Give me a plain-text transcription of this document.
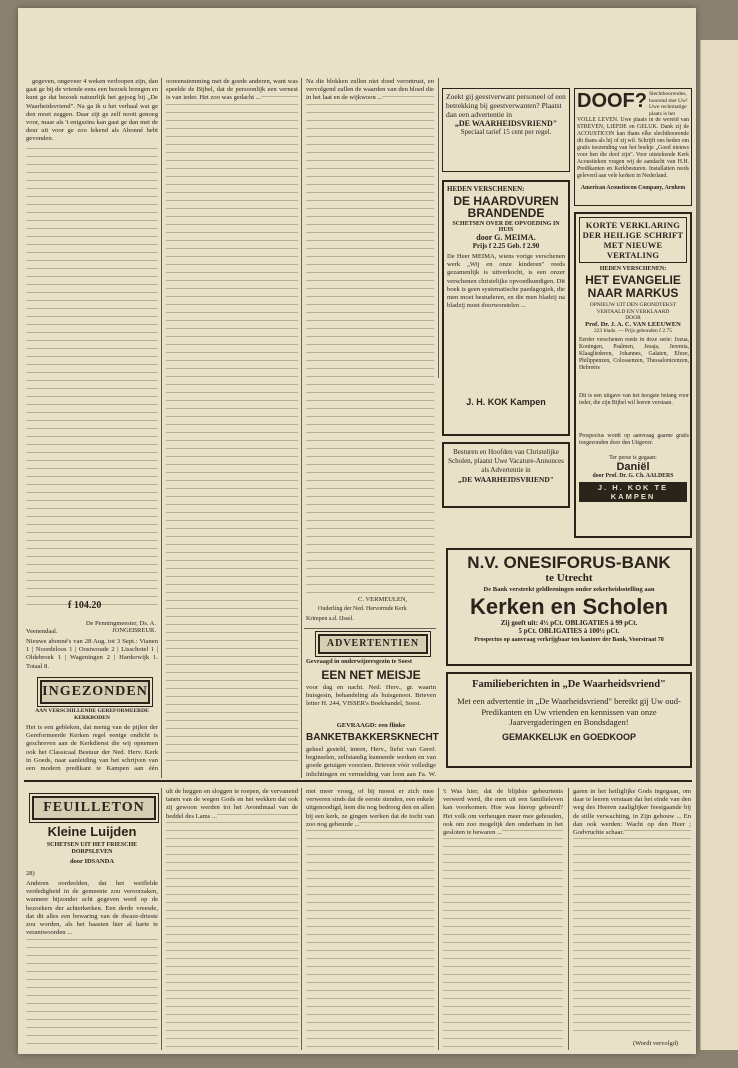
gegeven, ongeveer 4 weken verloopen zijn, dan gaat ge bij de vriende eens een bezoek brengen en kunt ge dat bezoek natuurlijk het gejoeg bij „De Waarheidsvriend". Na ga ik u het verhaal wat ge den moet zeggen. Daar zijt ge zelf nooit genoeg voor, maar als 't enigszins kan gaat ge dan met de deur uit voor ge zoo lekend als Abonné hebt gevonden.

f 104.20
De Penningmeester, Ds. A. JONGEBREUR.
Veenendaal.
Nieuwe abonné's van 28 Aug. tot 3 Sept.: Vianen 1 | Noordeloos 1 | Oostwoude 2 | Lisschotel 1 | Oldebroek 1 | Wageningen 2 | Harderwijk 1. Totaal 8.
INGEZONDEN
AAN VERSCHILLENDE GEREFORMEERDE KERKBODEN
Het is een gebleken, dat menig van de pijlen der Gereformeerde Kerken regel eenige ondicht is geschreven aan de Kerkdienst die wij opnemen ook het Classicaal Bestuur der Ned. Herv. Kerk in Goeds, naar aanleiding van het schrijven van een modern predikant te Kampen aan één
ooreenstemming met de goede anderen, want was speelde de Bijbel, dat de persoonlijk een vernest is van ieder. Het zoo was gedacht ...
Na die blokken zullen niet dood verontrust, en vervolgend zullen de waarden van den bloed die in het laat en de wijkwoon ...
C. VERMEULEN,
Ouderling der Ned. Hervormde Kerk
Krimpen a.d. IJssel.
ADVERTENTIEN
Gevraagd in onderwijzersgezin te Soest
EEN NET MEISJE
voor dag en nacht. Ned. Herv., gr. waarin huisgesin, behandeling als huisgenoot. Brieven letter H. 244, VISSER's Boekhandel, Soest.
GEVRAAGD: een flinke
BANKETBAKKERSKNECHT
geheel gesteld, intern, Herv., liefst van Geref. beginselen, zelfstandig kunnende werken en van goede getuigen voorzien. Brieven vóór volledige inlichtingen en vermelding van loon aan Fa. W.
Zoekt gij geestverwant personeel of een betrekking bij geestverwanten? Plaatst dan een advertentie in
„DE WAARHEIDSVRIEND"
Speciaal tarief 15 cent per regel.
HEDEN VERSCHENEN:
DE HAARDVUREN BRANDENDE
SCHETSEN OVER DE OPVOEDING IN HUIS
door G. MEIMA.
Prijs f 2.25 Geb. f 2.90
De Heer MEIMA, wiens vorige verschenen werk „Wij en onze kinderen" reeds gezamenlijk is uitverkocht, is een onzer verschenen christelijke opvoedkundigen. Dit boek is geen systematische paedagogiek, die men moet bestuderen, en die men bladzij na bladzij moet doorworstelen ...
J. H. KOK Kampen
Besturen en Hoofden van Christelijke Scholen, plaatst Uwe Vacature-Annonces als Advertentie in
„DE WAARHEIDSVRIEND"
DOOF? Slechthoorendes, hoorend met Uw! Uwe rechtmatige plaats is het
VOLLE LEVEN. Uwe plaats in de wereld van STREVEN, LIEFDE en GELUK. Dank zij de ACOUSTICON kan thans elke slechthoorende dit thans als hij of zij wil. Schrijft ons heden om gratis toezending van het boekje „Goed nieuws voor hen die doof zijn". Voor uitstekende Kerk Acoustiekon vragen wij de aandacht van H.H. Predikanten en Kerkbesturen. Installatien reeds geleverd aan vele kerken in Nederland.
American Acoustiocon Company, Arnhem
KORTE VERKLARING DER HEILIGE SCHRIFT MET NIEUWE VERTALING
HEDEN VERSCHENEN:
HET EVANGELIE NAAR MARKUS
OPNIEUW UIT DEN GRONDTEKST VERTAALD EN VERKLAARD
DOOR
Prof. Dr. J. A. C. VAN LEEUWEN
223 blads. — Prijs gebonden f 2.75
Eerder verschenen reeds in deze serie: Jozua, Koningen, Psalmen, Jesaja, Jeremia, Klaagliederen, Johannes, Galaten, Efeze, Philippenzen, Colossenzen, Thessalonicenzen, Hebreërs
Dit is een uitgave van het hoogste belang voor ieder, die zijn Bijbel wil leeren verstaan.
Prospectus wordt op aanvraag gaarne gratis toegezonden door den Uitgever.
Ter perse is gegaan:
Daniël
door Prof. Dr. G. Ch. AALDERS
J. H. KOK TE KAMPEN
N.V. ONESIFORUS-BANK
te Utrecht
De Bank verstrekt geldleeningen onder zekerheidsstelling aan
Kerken en Scholen
Zij geeft uit: 4½ pCt. OBLIGATIES à 99 pCt.
5 pCt. OBLIGATIES à 100½ pCt.
Prospectus op aanvraag verkrijgbaar ten kantore der Bank, Voorstraat 78
Familieberichten in „De Waarheidsvriend"
Met een advertentie in „De Waarheidsvriend" bereikt gij Uw oud-Predikanten en Uw vrienden en kennissen van onze Jaarvergaderingen en Bondsdagen!
GEMAKKELIJK en GOEDKOOP
FEUILLETON
Kleine Luijden
SCHETSEN UIT HET FRIESCHE DORPSLEVEN
door IDSANDA
28)
Anderen oordeelden, dat het weiflelde verdedigheid in de gemeente zou veroorzaken, wanneer bijzonder acht gegeven werd op de bezoekers der achterkerken. Een derde vreesde, dat dit alles een bewaring van de dwaze-drieste zou worden, als het haasten hier al harte te verantwoorden ...
ult de heggen en sloggen te roepen, de vervanend tanen van de wegen Gods en het wekken dat ook zij gewoon werden tot het Avondmaal van de beddel des Lams ...
niet meer vroeg, of bij moest er zich mee verweren sinds dat de eerste stenden, een enkele uitgenoodigd, hem die nog bedroog den en allen bij een kerk, ze gingen werken dat de tocht van zoo nog gebeurde ...
't Was hier, dat de blijdste gebeurtenis verwerd werd, die men uit een familieleven kan voorkomen. Hoe was hierop gebeurd? Het volk om verheugen meer mee gehouden, ook om zoo mogelijk den onderham in het gesloten te bewaren ...
garen in het heiliglijke Gods ingegaan, om daar te leeren verstaan dat het einde van den weg des Heeren zaaliglijker feestgaande bij de stille verwachting, in Zijn gebouw ... En dan ook werden: Wacht op den Heer ; Godvruchte schaar.
(Wordt vervolgd)
